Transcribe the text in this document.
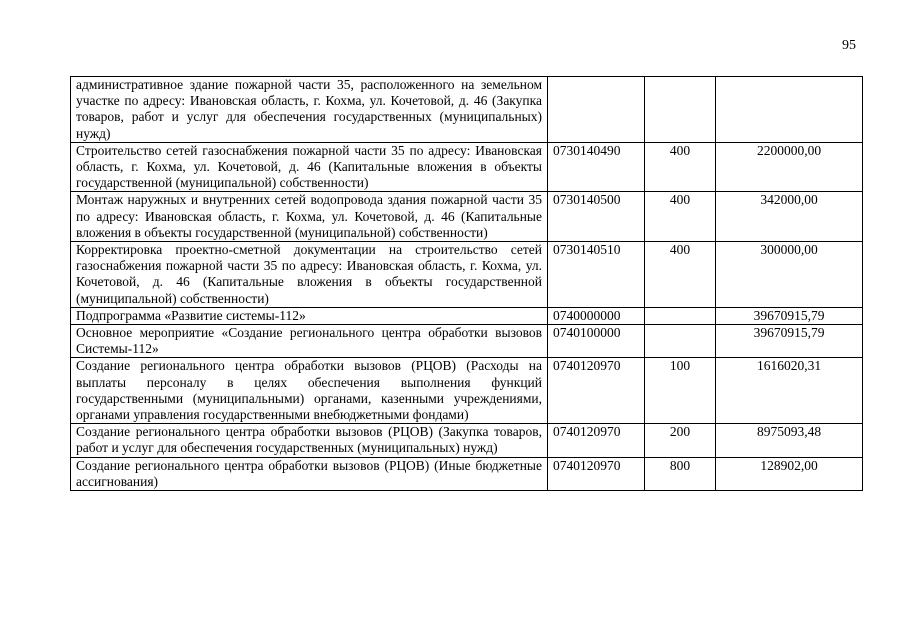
95
административное здание пожарной части 35, расположенного на земельном участке по адресу: Ивановская область, г. Кохма, ул. Кочетовой, д. 46 (Закупка товаров, работ и услуг для обеспечения государственных (муниципальных) нужд)			
Строительство сетей газоснабжения пожарной части 35 по адресу: Ивановская область, г. Кохма, ул. Кочетовой, д. 46 (Капитальные вложения в объекты государственной (муниципальной) собственности)	0730140490	400	2200000,00
Монтаж наружных и внутренних сетей водопровода здания пожарной части 35 по адресу: Ивановская область, г. Кохма, ул. Кочетовой, д. 46 (Капитальные вложения в объекты государственной (муниципальной) собственности)	0730140500	400	342000,00
Корректировка проектно-сметной документации на строительство сетей газоснабжения пожарной части 35 по адресу: Ивановская область, г. Кохма, ул. Кочетовой, д. 46 (Капитальные вложения в объекты государственной (муниципальной) собственности)	0730140510	400	300000,00
Подпрограмма «Развитие системы-112»	0740000000		39670915,79
Основное мероприятие «Создание регионального центра обработки вызовов Системы-112»	0740100000		39670915,79
Создание регионального центра обработки вызовов (РЦОВ) (Расходы на выплаты персоналу в целях обеспечения выполнения функций государственными (муниципальными) органами, казенными учреждениями, органами управления государственными внебюджетными фондами)	0740120970	100	1616020,31
Создание регионального центра обработки вызовов (РЦОВ) (Закупка товаров, работ и услуг для обеспечения государственных (муниципальных) нужд)	0740120970	200	8975093,48
Создание регионального центра обработки вызовов (РЦОВ) (Иные бюджетные ассигнования)	0740120970	800	128902,00
